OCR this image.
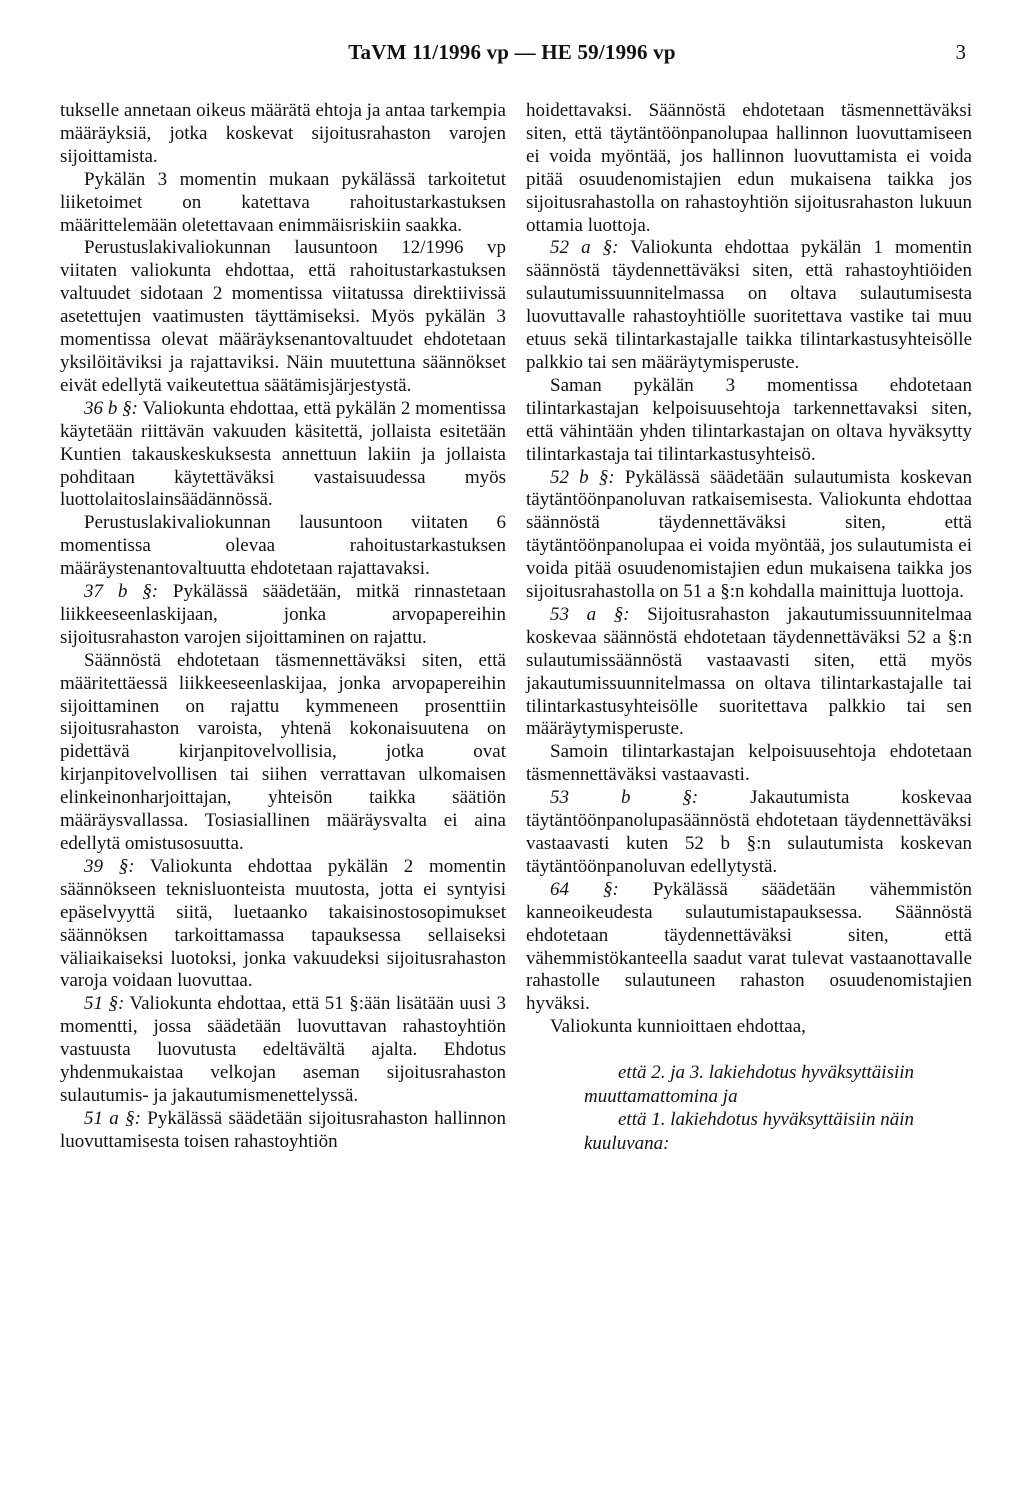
TaVM 11/1996 vp — HE 59/1996 vp	3

tukselle annetaan oikeus määrätä ehtoja ja antaa tarkempia määräyksiä, jotka koskevat sijoitusrahaston varojen sijoittamista.

Pykälän 3 momentin mukaan pykälässä tarkoitetut liiketoimet on katettava rahoitustarkastuksen määrittelemään oletettavaan enimmäisriskiin saakka.

Perustuslakivaliokunnan lausuntoon 12/1996 vp viitaten valiokunta ehdottaa, että rahoitustarkastuksen valtuudet sidotaan 2 momentissa viitatussa direktiivissä asetettujen vaatimusten täyttämiseksi. Myös pykälän 3 momentissa olevat määräyksenantovaltuudet ehdotetaan yksilöitäviksi ja rajattaviksi. Näin muutettuna säännökset eivät edellytä vaikeutettua säätämisjärjestystä.

36 b §: Valiokunta ehdottaa, että pykälän 2 momentissa käytetään riittävän vakuuden käsitettä, jollaista esitetään Kuntien takauskeskuksesta annettuun lakiin ja jollaista pohditaan käytettäväksi vastaisuudessa myös luottolaitoslainsäädännössä.

Perustuslakivaliokunnan lausuntoon viitaten 6 momentissa olevaa rahoitustarkastuksen määräystenantovaltuutta ehdotetaan rajattavaksi.

37 b §: Pykälässä säädetään, mitkä rinnastetaan liikkeeseenlaskijaan, jonka arvopapereihin sijoitusrahaston varojen sijoittaminen on rajattu.

Säännöstä ehdotetaan täsmennettäväksi siten, että määritettäessä liikkeeseenlaskijaa, jonka arvopapereihin sijoittaminen on rajattu kymmeneen prosenttiin sijoitusrahaston varoista, yhtenä kokonaisuutena on pidettävä kirjanpitovelvollisia, jotka ovat kirjanpitovelvollisen tai siihen verrattavan ulkomaisen elinkeinonharjoittajan, yhteisön taikka säätiön määräysvallassa. Tosiasiallinen määräysvalta ei aina edellytä omistusosuutta.

39 §: Valiokunta ehdottaa pykälän 2 momentin säännökseen teknisluonteista muutosta, jotta ei syntyisi epäselvyyttä siitä, luetaanko takaisinostosopimukset säännöksen tarkoittamassa tapauksessa sellaiseksi väliaikaiseksi luotoksi, jonka vakuudeksi sijoitusrahaston varoja voidaan luovuttaa.

51 §: Valiokunta ehdottaa, että 51 §:ään lisätään uusi 3 momentti, jossa säädetään luovuttavan rahastoyhtiön vastuusta luovutusta edeltävältä ajalta. Ehdotus yhdenmukaistaa velkojan aseman sijoitusrahaston sulautumis- ja jakautumismenettelyssä.

51 a §: Pykälässä säädetään sijoitusrahaston hallinnon luovuttamisesta toisen rahastoyhtiön

hoidettavaksi. Säännöstä ehdotetaan täsmennettäväksi siten, että täytäntöönpanolupaa hallinnon luovuttamiseen ei voida myöntää, jos hallinnon luovuttamista ei voida pitää osuudenomistajien edun mukaisena taikka jos sijoitusrahastolla on rahastoyhtiön sijoitusrahaston lukuun ottamia luottoja.

52 a §: Valiokunta ehdottaa pykälän 1 momentin säännöstä täydennettäväksi siten, että rahastoyhtiöiden sulautumissuunnitelmassa on oltava sulautumisesta luovuttavalle rahastoyhtiölle suoritettava vastike tai muu etuus sekä tilintarkastajalle taikka tilintarkastusyhteisölle palkkio tai sen määräytymisperuste.

Saman pykälän 3 momentissa ehdotetaan tilintarkastajan kelpoisuusehtoja tarkennettavaksi siten, että vähintään yhden tilintarkastajan on oltava hyväksytty tilintarkastaja tai tilintarkastusyhteisö.

52 b §: Pykälässä säädetään sulautumista koskevan täytäntöönpanoluvan ratkaisemisesta. Valiokunta ehdottaa säännöstä täydennettäväksi siten, että täytäntöönpanolupaa ei voida myöntää, jos sulautumista ei voida pitää osuudenomistajien edun mukaisena taikka jos sijoitusrahastolla on 51 a §:n kohdalla mainittuja luottoja.

53 a §: Sijoitusrahaston jakautumissuunnitelmaa koskevaa säännöstä ehdotetaan täydennettäväksi 52 a §:n sulautumissäännöstä vastaavasti siten, että myös jakautumissuunnitelmassa on oltava tilintarkastajalle tai tilintarkastusyhteisölle suoritettava palkkio tai sen määräytymisperuste.

Samoin tilintarkastajan kelpoisuusehtoja ehdotetaan täsmennettäväksi vastaavasti.

53 b §:	Jakautumista koskevaa täytäntöönpanolupasäännöstä ehdotetaan täydennettäväksi vastaavasti kuten 52 b §:n sulautumista koskevan täytäntöönpanoluvan edellytystä.

64 §: Pykälässä säädetään vähemmistön kanneoikeudesta sulautumistapauksessa. Säännöstä ehdotetaan täydennettäväksi siten, että vähemmistökanteella saadut varat tulevat vastaanottavalle rahastolle sulautuneen rahaston osuudenomistajien hyväksi.

Valiokunta kunnioittaen ehdottaa,

että 2. ja 3. lakiehdotus hyväksyttäisiin

muuttamattomina ja

että 1. lakiehdotus hyväksyttäisiin näin

kuuluvana:
